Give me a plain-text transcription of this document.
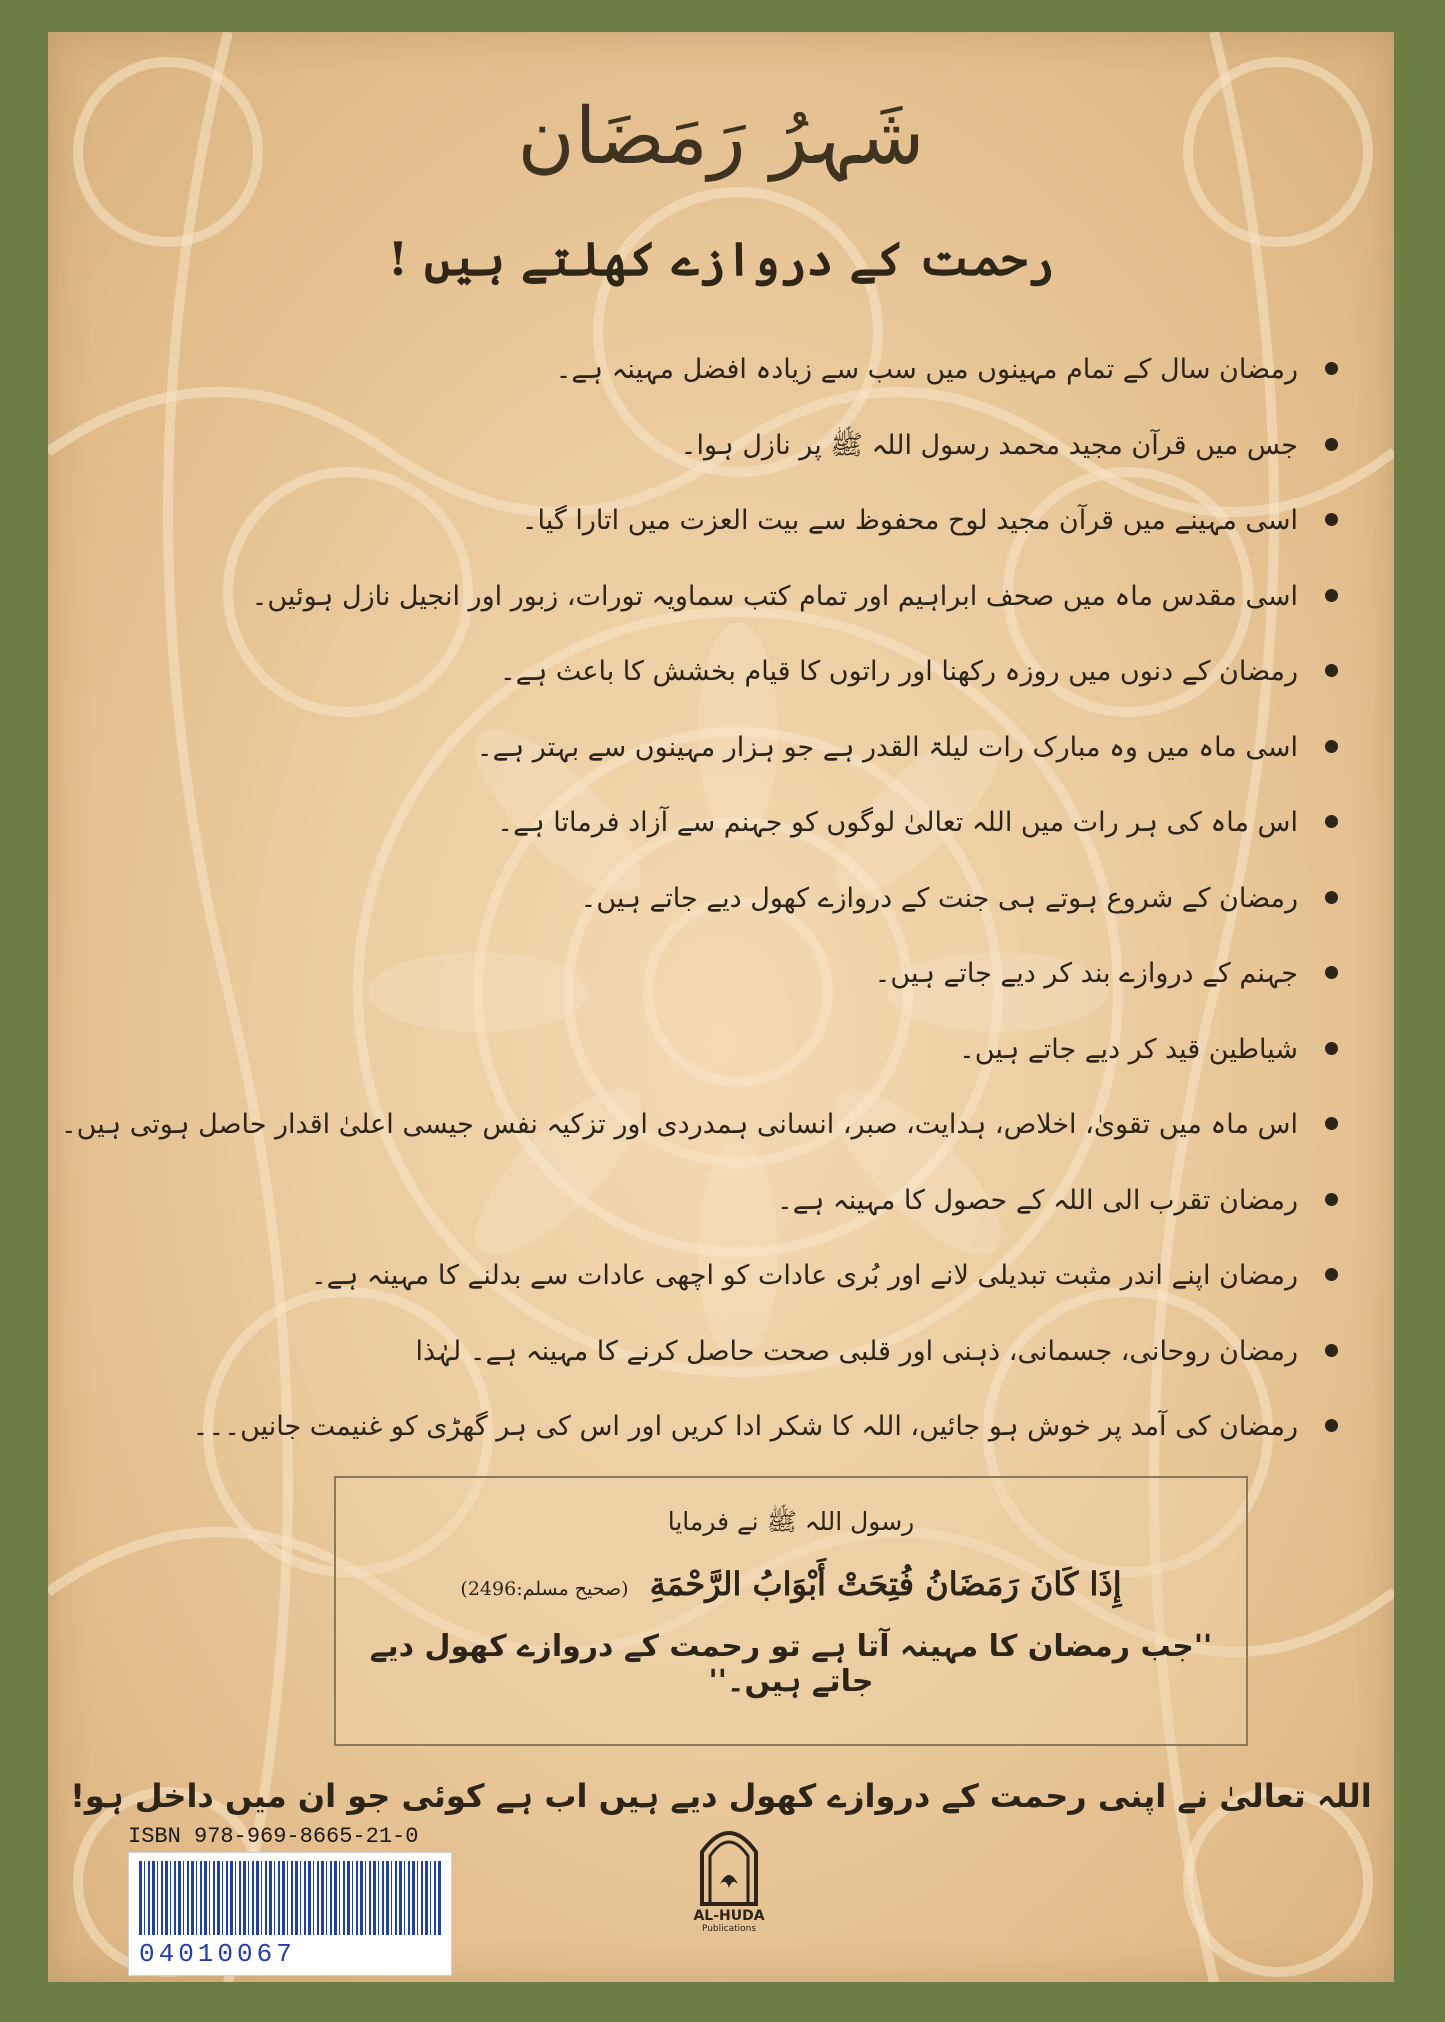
شَہرُ رَمَضَان
رحمت کے دروازے کھلتے ہیں !
رمضان سال کے تمام مہینوں میں سب سے زیادہ افضل مہینہ ہے۔
جس میں قرآن مجید محمد رسول اللہ ﷺ پر نازل ہوا۔
اسی مہینے میں قرآن مجید لوح محفوظ سے بیت العزت میں اتارا گیا۔
اسی مقدس ماہ میں صحف ابراہیم اور تمام کتب سماویہ تورات، زبور اور انجیل نازل ہوئیں۔
رمضان کے دنوں میں روزہ رکھنا اور راتوں کا قیام بخشش کا باعث ہے۔
اسی ماہ میں وہ مبارک رات لیلۃ القدر ہے جو ہزار مہینوں سے بہتر ہے۔
اس ماہ کی ہر رات میں اللہ تعالیٰ لوگوں کو جہنم سے آزاد فرماتا ہے۔
رمضان کے شروع ہوتے ہی جنت کے دروازے کھول دیے جاتے ہیں۔
جہنم کے دروازے بند کر دیے جاتے ہیں۔
شیاطین قید کر دیے جاتے ہیں۔
اس ماہ میں تقویٰ، اخلاص، ہدایت، صبر، انسانی ہمدردی اور تزکیہ نفس جیسی اعلیٰ اقدار حاصل ہوتی ہیں۔
رمضان تقرب الی اللہ کے حصول کا مہینہ ہے۔
رمضان اپنے اندر مثبت تبدیلی لانے اور بُری عادات کو اچھی عادات سے بدلنے کا مہینہ ہے۔
رمضان روحانی، جسمانی، ذہنی اور قلبی صحت حاصل کرنے کا مہینہ ہے۔ لہٰذا
رمضان کی آمد پر خوش ہو جائیں، اللہ کا شکر ادا کریں اور اس کی ہر گھڑی کو غنیمت جانیں۔۔۔
رسول اللہ ﷺ نے فرمایا
إِذَا كَانَ رَمَضَانُ فُتِحَتْ أَبْوَابُ الرَّحْمَةِ (صحیح مسلم:2496)
''جب رمضان کا مہینہ آتا ہے تو رحمت کے دروازے کھول دیے جاتے ہیں۔''
اللہ تعالیٰ نے اپنی رحمت کے دروازے کھول دیے ہیں اب ہے کوئی جو ان میں داخل ہو!
ISBN 978-969-8665-21-0
04010067
AL-HUDA
Publications
